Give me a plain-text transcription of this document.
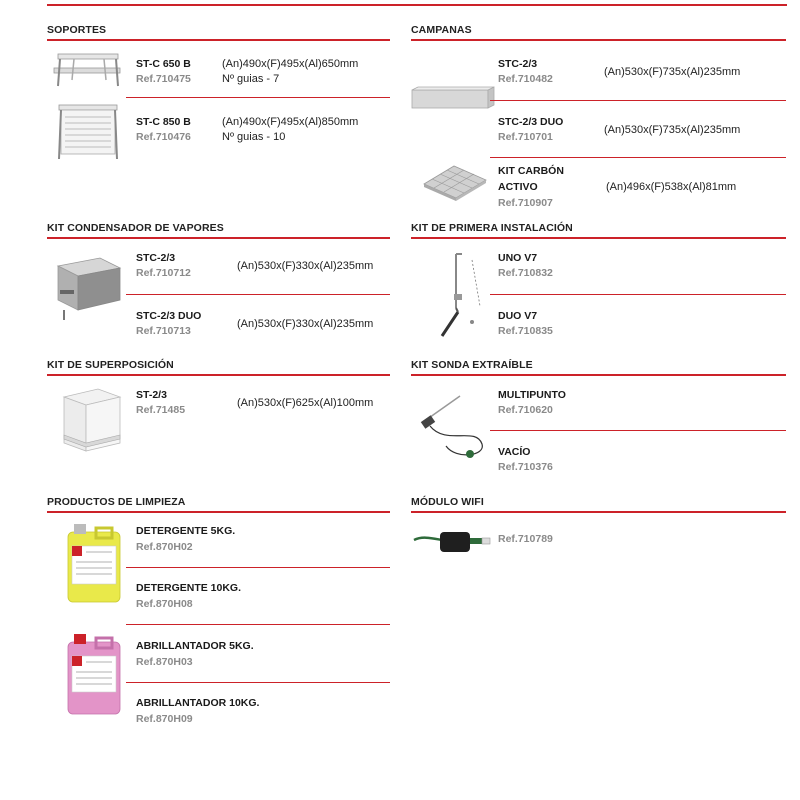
SOPORTES
ST-C 650 B
Ref.710475
(An)490x(F)495x(Al)650mm
Nº guias - 7
ST-C 850 B
Ref.710476
(An)490x(F)495x(Al)850mm
Nº guias - 10
CAMPANAS
STC-2/3
Ref.710482
(An)530x(F)735x(Al)235mm
STC-2/3 DUO
Ref.710701
(An)530x(F)735x(Al)235mm
KIT CARBÓN
ACTIVO
Ref.710907
(An)496x(F)538x(Al)81mm
KIT CONDENSADOR DE VAPORES
STC-2/3
Ref.710712
(An)530x(F)330x(Al)235mm
STC-2/3 DUO
Ref.710713
(An)530x(F)330x(Al)235mm
KIT DE PRIMERA INSTALACIÓN
UNO V7
Ref.710832
DUO V7
Ref.710835
KIT DE SUPERPOSICIÓN
ST-2/3
Ref.71485
(An)530x(F)625x(Al)100mm
KIT SONDA EXTRAÍBLE
MULTIPUNTO
Ref.710620
VACÍO
Ref.710376
PRODUCTOS DE LIMPIEZA
DETERGENTE 5KG.
Ref.870H02
DETERGENTE 10KG.
Ref.870H08
ABRILLANTADOR 5KG.
Ref.870H03
ABRILLANTADOR 10KG.
Ref.870H09
MÓDULO WIFI
Ref.710789
